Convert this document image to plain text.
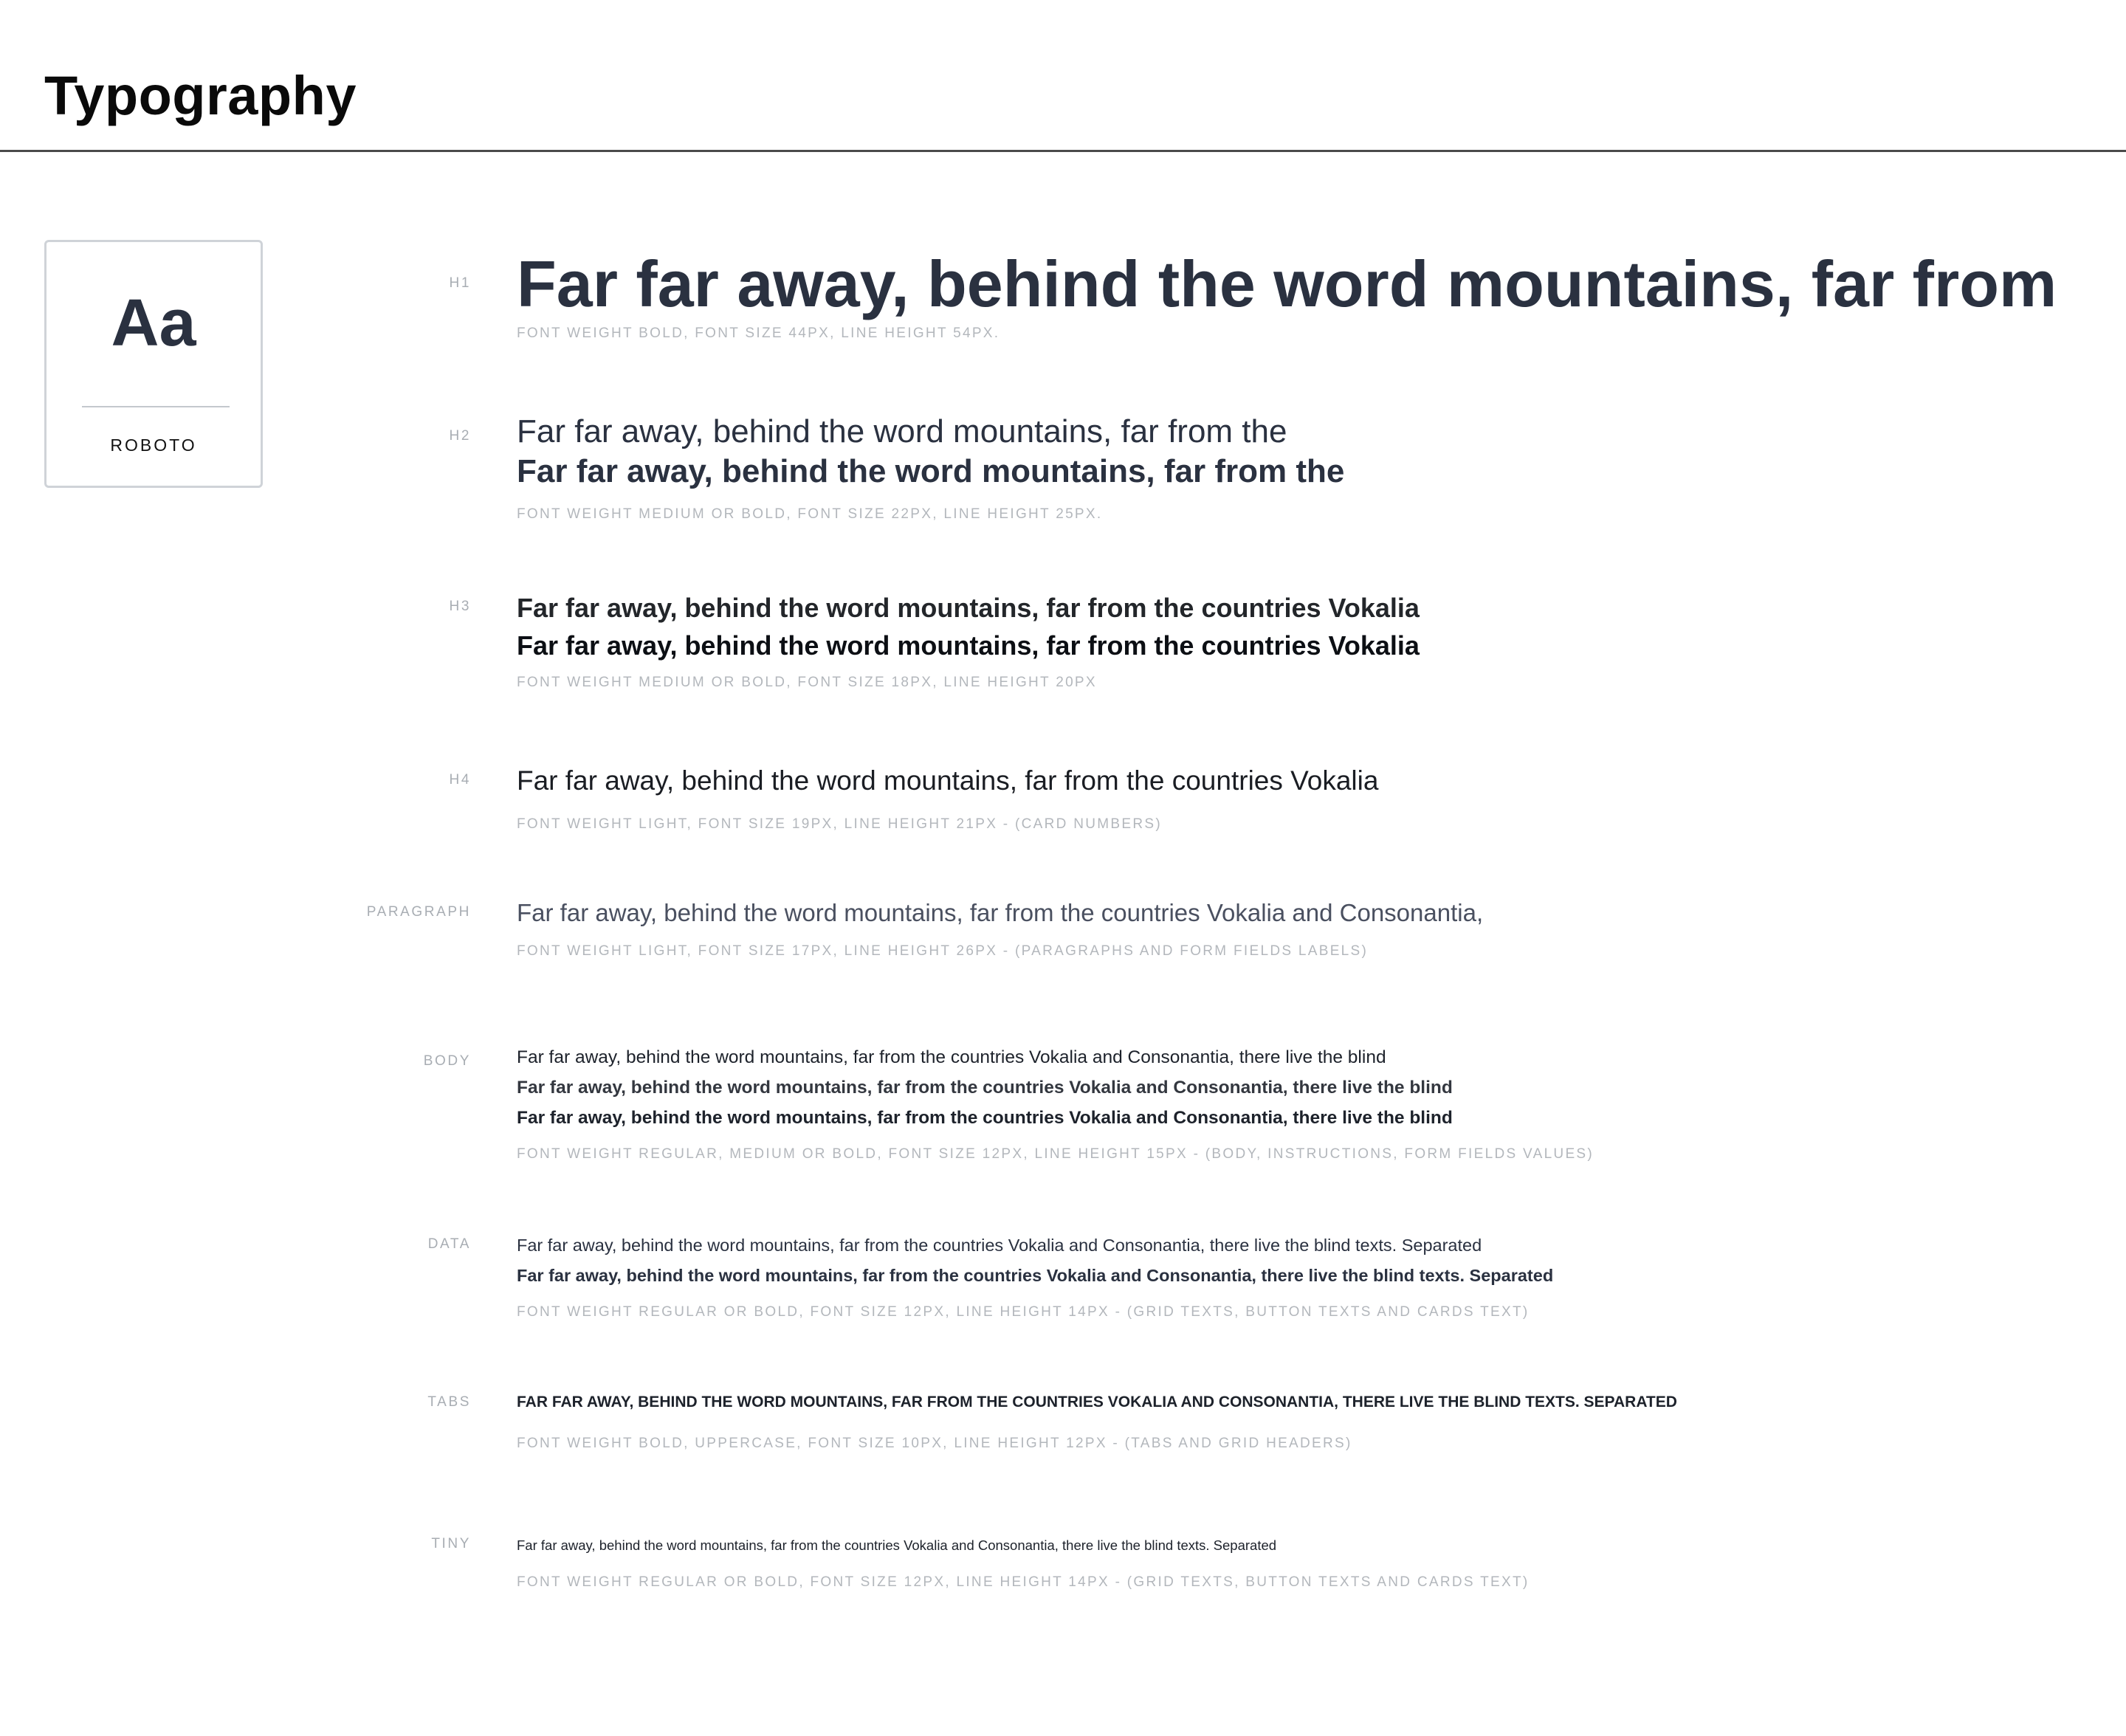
Typography
Aa
ROBOTO
H1 Far far away, behind the word mountains, far from
FONT WEIGHT BOLD, FONT SIZE 44PX, LINE HEIGHT 54PX.
H2 Far far away, behind the word mountains, far from the
Far far away, behind the word mountains, far from the
FONT WEIGHT MEDIUM OR BOLD, FONT SIZE 22PX, LINE HEIGHT 25PX.
H3 Far far away, behind the word mountains, far from the countries Vokalia
Far far away, behind the word mountains, far from the countries Vokalia
FONT WEIGHT MEDIUM OR BOLD, FONT SIZE 18PX, LINE HEIGHT 20PX
H4 Far far away, behind the word mountains, far from the countries Vokalia
FONT WEIGHT LIGHT, FONT SIZE 19PX, LINE HEIGHT 21PX - (CARD NUMBERS)
PARAGRAPH Far far away, behind the word mountains, far from the countries Vokalia and Consonantia,
FONT WEIGHT LIGHT, FONT SIZE 17PX, LINE HEIGHT 26PX - (PARAGRAPHS AND FORM FIELDS LABELS)
BODY	Far far away, behind the word mountains, far from the countries Vokalia and Consonantia, there live the blind
Far far away, behind the word mountains, far from the countries Vokalia and Consonantia, there live the blind
Far far away, behind the word mountains, far from the countries Vokalia and Consonantia, there live the blind
FONT WEIGHT REGULAR, MEDIUM OR BOLD, FONT SIZE 12PX, LINE HEIGHT 15PX - (BODY, INSTRUCTIONS, FORM FIELDS VALUES)
DATA	Far far away, behind the word mountains, far from the countries Vokalia and Consonantia, there live the blind texts. Separated
Far far away, behind the word mountains, far from the countries Vokalia and Consonantia, there live the blind texts. Separated
FONT WEIGHT REGULAR OR BOLD, FONT SIZE 12PX, LINE HEIGHT 14PX - (GRID TEXTS, BUTTON TEXTS AND CARDS TEXT)
TABS	FAR FAR AWAY, BEHIND THE WORD MOUNTAINS, FAR FROM THE COUNTRIES VOKALIA AND CONSONANTIA, THERE LIVE THE BLIND TEXTS. SEPARATED
FONT WEIGHT BOLD, UPPERCASE, FONT SIZE 10PX, LINE HEIGHT 12PX - (TABS AND GRID HEADERS)
TINY	Far far away, behind the word mountains, far from the countries Vokalia and Consonantia, there live the blind texts. Separated
FONT WEIGHT REGULAR OR BOLD, FONT SIZE 12PX, LINE HEIGHT 14PX - (GRID TEXTS, BUTTON TEXTS AND CARDS TEXT)
